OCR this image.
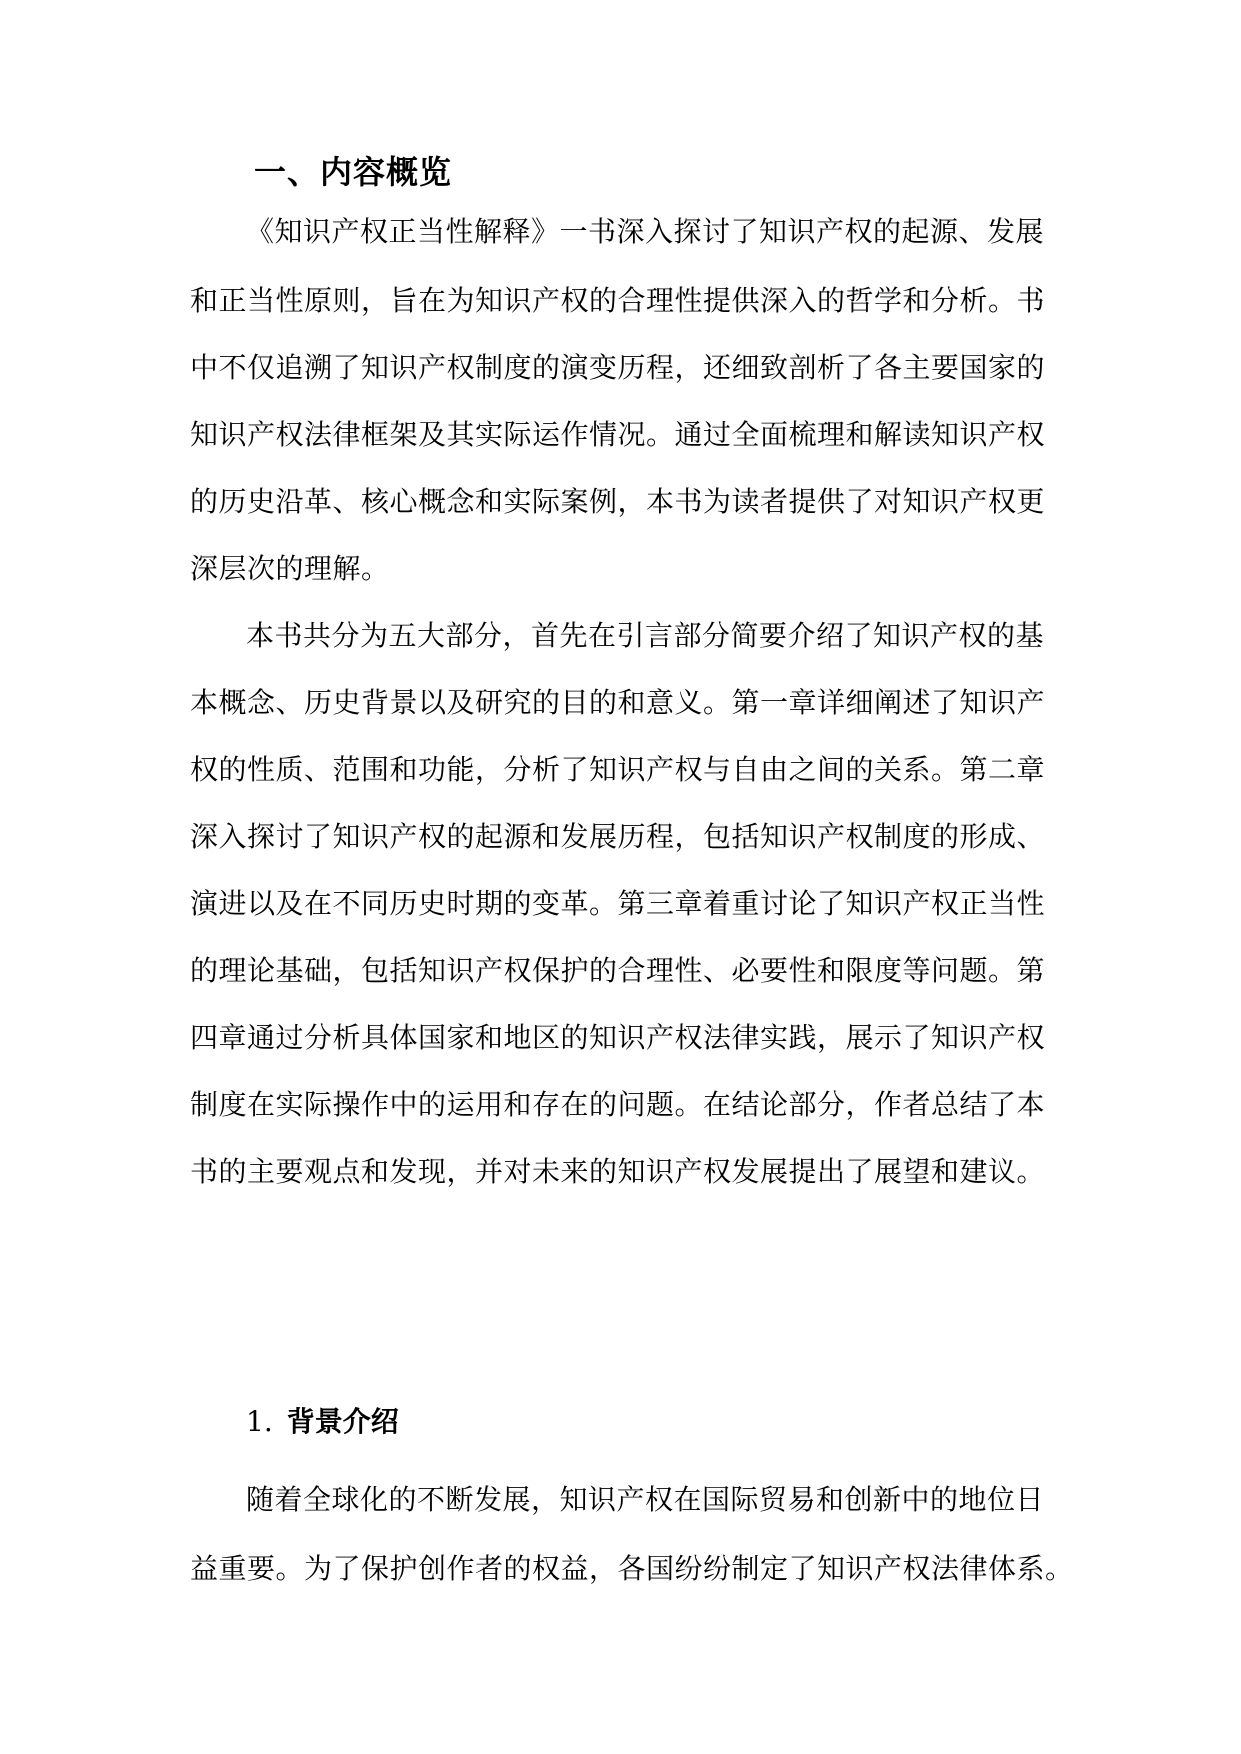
一、内容概览
《知识产权正当性解释》一书深入探讨了知识产权的起源、发展
和正当性原则，旨在为知识产权的合理性提供深入的哲学和分析。书
中不仅追溯了知识产权制度的演变历程，还细致剖析了各主要国家的
知识产权法律框架及其实际运作情况。通过全面梳理和解读知识产权
的历史沿革、核心概念和实际案例，本书为读者提供了对知识产权更
深层次的理解。
本书共分为五大部分，首先在引言部分简要介绍了知识产权的基
本概念、历史背景以及研究的目的和意义。第一章详细阐述了知识产
权的性质、范围和功能，分析了知识产权与自由之间的关系。第二章
深入探讨了知识产权的起源和发展历程，包括知识产权制度的形成、
演进以及在不同历史时期的变革。第三章着重讨论了知识产权正当性
的理论基础，包括知识产权保护的合理性、必要性和限度等问题。第
四章通过分析具体国家和地区的知识产权法律实践，展示了知识产权
制度在实际操作中的运用和存在的问题。在结论部分，作者总结了本
书的主要观点和发现，并对未来的知识产权发展提出了展望和建议。
1. 背景介绍
随着全球化的不断发展，知识产权在国际贸易和创新中的地位日
益重要。为了保护创作者的权益，各国纷纷制定了知识产权法律体系。
